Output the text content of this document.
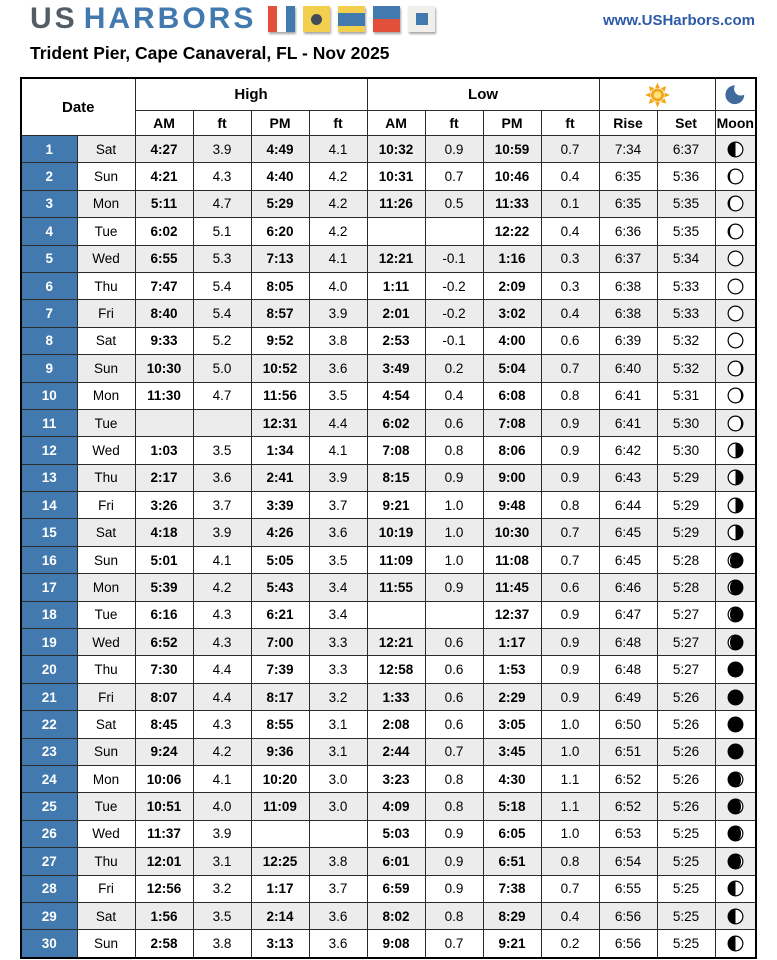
US HARBORS	www.USHarbors.com
Trident Pier, Cape Canaveral, FL - Nov 2025
Date		High				Low	

		AM	ft	PM	ft	AM	ft	PM	ft	Rise	Set	Moon
1	Sat	4:27	3.9	4:49	4.1	10:32	0.9	10:59	0.7	7:34	6:37	

2	Sun	4:21	4.3	4:40	4.2	10:31	0.7	10:46	0.4	6:35	5:36	

3	Mon	5:11	4.7	5:29	4.2	11:26	0.5	11:33	0.1	6:35	5:35	

4	Tue	6:02	5.1	6:20	4.2			12:22	0.4	6:36	5:35	

5	Wed	6:55	5.3	7:13	4.1	12:21	-0.1	1:16	0.3	6:37	5:34	

6	Thu	7:47	5.4	8:05	4.0	1:11	-0.2	2:09	0.3	6:38	5:33	

7	Fri	8:40	5.4	8:57	3.9	2:01	-0.2	3:02	0.4	6:38	5:33	

8	Sat	9:33	5.2	9:52	3.8	2:53	-0.1	4:00	0.6	6:39	5:32	

9	Sun	10:30	5.0	10:52	3.6	3:49	0.2	5:04	0.7	6:40	5:32	

10	Mon	11:30	4.7	11:56	3.5	4:54	0.4	6:08	0.8	6:41	5:31	

11	Tue			12:31	4.4	6:02	0.6	7:08	0.9	6:41	5:30	

12	Wed	1:03	3.5	1:34	4.1	7:08	0.8	8:06	0.9	6:42	5:30	

13	Thu	2:17	3.6	2:41	3.9	8:15	0.9	9:00	0.9	6:43	5:29	

14	Fri	3:26	3.7	3:39	3.7	9:21	1.0	9:48	0.8	6:44	5:29	

15	Sat	4:18	3.9	4:26	3.6	10:19	1.0	10:30	0.7	6:45	5:29	

16	Sun	5:01	4.1	5:05	3.5	11:09	1.0	11:08	0.7	6:45	5:28	

17	Mon	5:39	4.2	5:43	3.4	11:55	0.9	11:45	0.6	6:46	5:28	

18	Tue	6:16	4.3	6:21	3.4			12:37	0.9	6:47	5:27	

19	Wed	6:52	4.3	7:00	3.3	12:21	0.6	1:17	0.9	6:48	5:27	

20	Thu	7:30	4.4	7:39	3.3	12:58	0.6	1:53	0.9	6:48	5:27	

21	Fri	8:07	4.4	8:17	3.2	1:33	0.6	2:29	0.9	6:49	5:26	

22	Sat	8:45	4.3	8:55	3.1	2:08	0.6	3:05	1.0	6:50	5:26	

23	Sun	9:24	4.2	9:36	3.1	2:44	0.7	3:45	1.0	6:51	5:26	

24	Mon	10:06	4.1	10:20	3.0	3:23	0.8	4:30	1.1	6:52	5:26	

25	Tue	10:51	4.0	11:09	3.0	4:09	0.8	5:18	1.1	6:52	5:26	

26	Wed	11:37	3.9			5:03	0.9	6:05	1.0	6:53	5:25	

27	Thu	12:01	3.1	12:25	3.8	6:01	0.9	6:51	0.8	6:54	5:25	

28	Fri	12:56	3.2	1:17	3.7	6:59	0.9	7:38	0.7	6:55	5:25	

29	Sat	1:56	3.5	2:14	3.6	8:02	0.8	8:29	0.4	6:56	5:25	

30	Sun	2:58	3.8	3:13	3.6	9:08	0.7	9:21	0.2	6:56	5:25	
